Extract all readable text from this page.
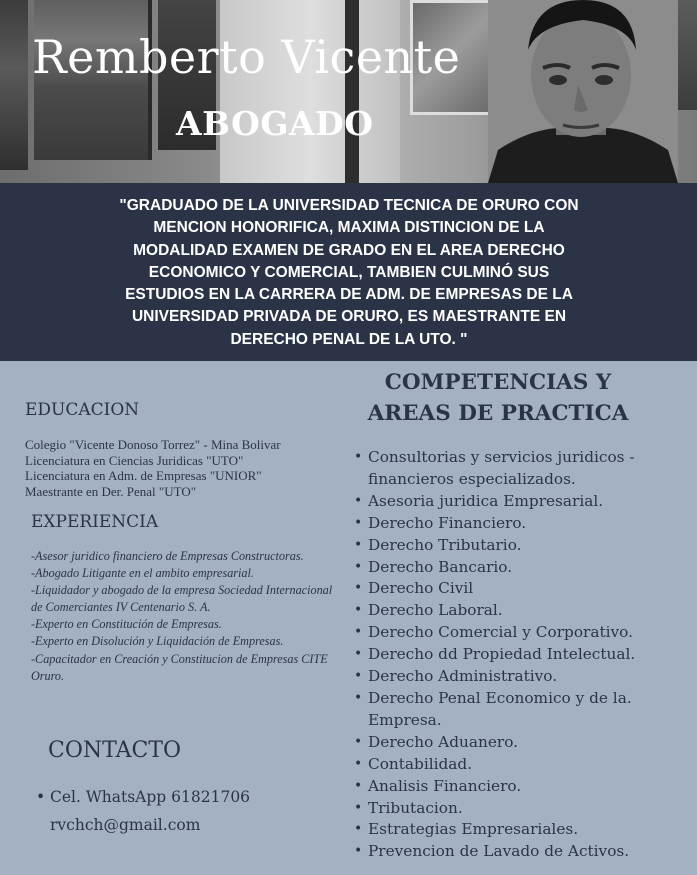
Remberto Vicente
ABOGADO

"GRADUADO DE LA UNIVERSIDAD TECNICA DE ORURO CON MENCION HONORIFICA, MAXIMA DISTINCION DE LA MODALIDAD EXAMEN DE GRADO EN EL AREA DERECHO ECONOMICO Y COMERCIAL, TAMBIEN CULMINÓ SUS ESTUDIOS EN LA CARRERA DE ADM. DE EMPRESAS DE LA UNIVERSIDAD PRIVADA DE ORURO, ES MAESTRANTE EN DERECHO PENAL DE LA UTO. "

EDUCACION
Colegio "Vicente Donoso Torrez" - Mina Bolivar
Licenciatura en Ciencias Juridicas "UTO"
Licenciatura en Adm. de Empresas "UNIOR"
Maestrante en Der. Penal "UTO"
EXPERIENCIA
-Asesor juridico financiero de Empresas Constructoras.
-Abogado Litigante en el ambito empresarial.
-Liquidador y abogado de la empresa Sociedad Internacional de Comerciantes IV Centenario S. A.
-Experto en Constitución de Empresas.
-Experto en Disolución y Liquidación de Empresas.
-Capacitador en Creación y Constitucion de Empresas CITE Oruro.
CONTACTO
• Cel. WhatsApp 61821706
rvchch@gmail.com
COMPETENCIAS Y
AREAS DE PRACTICA
• Consultorias y servicios juridicos - financieros especializados.
• Asesoria juridica Empresarial.
• Derecho Financiero.
• Derecho Tributario.
• Derecho Bancario.
• Derecho Civil
• Derecho Laboral.
• Derecho Comercial y Corporativo.
• Derecho dd Propiedad Intelectual.
• Derecho Administrativo.
• Derecho Penal Economico y de la. Empresa.
• Derecho Aduanero.
• Contabilidad.
• Analisis Financiero.
• Tributacion.
• Estrategias Empresariales.
• Prevencion de Lavado de Activos.
